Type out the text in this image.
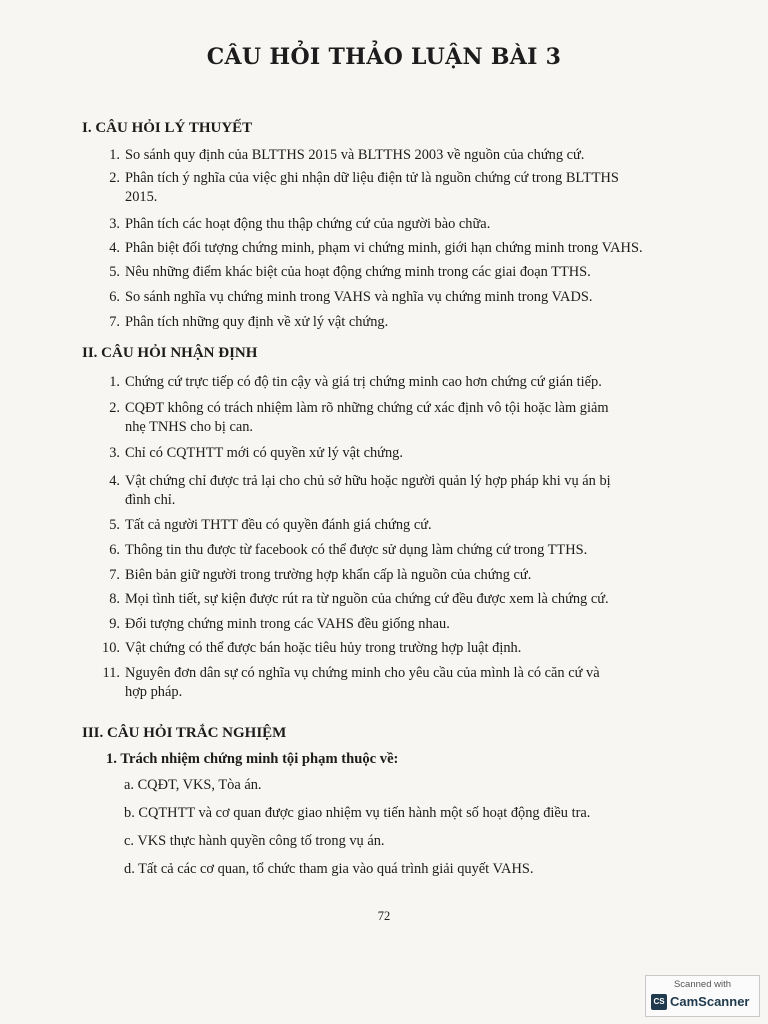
CÂU HỎI THẢO LUẬN BÀI 3
I. CÂU HỎI LÝ THUYẾT
1. So sánh quy định của BLTTHS 2015 và BLTTHS 2003 về nguồn của chứng cứ.
2. Phân tích ý nghĩa của việc ghi nhận dữ liệu điện tử là nguồn chứng cứ trong BLTTHS
2015.
3. Phân tích các hoạt động thu thập chứng cứ của người bào chữa.
4. Phân biệt đối tượng chứng minh, phạm vi chứng minh, giới hạn chứng minh trong VAHS.
5. Nêu những điểm khác biệt của hoạt động chứng minh trong các giai đoạn TTHS.
6. So sánh nghĩa vụ chứng minh trong VAHS và nghĩa vụ chứng minh trong VADS.
7. Phân tích những quy định về xử lý vật chứng.
II. CÂU HỎI NHẬN ĐỊNH
1. Chứng cứ trực tiếp có độ tin cậy và giá trị chứng minh cao hơn chứng cứ gián tiếp.
2. CQĐT không có trách nhiệm làm rõ những chứng cứ xác định vô tội hoặc làm giảm
nhẹ TNHS cho bị can.
3. Chỉ có CQTHTT mới có quyền xử lý vật chứng.
4. Vật chứng chỉ được trả lại cho chủ sở hữu hoặc người quản lý hợp pháp khi vụ án bị
đình chỉ.
5. Tất cả người THTT đều có quyền đánh giá chứng cứ.
6. Thông tin thu được từ facebook có thể được sử dụng làm chứng cứ trong TTHS.
7. Biên bản giữ người trong trường hợp khẩn cấp là nguồn của chứng cứ.
8. Mọi tình tiết, sự kiện được rút ra từ nguồn của chứng cứ đều được xem là chứng cứ.
9. Đối tượng chứng minh trong các VAHS đều giống nhau.
10. Vật chứng có thể được bán hoặc tiêu hủy trong trường hợp luật định.
11. Nguyên đơn dân sự có nghĩa vụ chứng minh cho yêu cầu của mình là có căn cứ và
hợp pháp.
III. CÂU HỎI TRẮC NGHIỆM
1. Trách nhiệm chứng minh tội phạm thuộc về:
a. CQĐT, VKS, Tòa án.
b. CQTHTT và cơ quan được giao nhiệm vụ tiến hành một số hoạt động điều tra.
c. VKS thực hành quyền công tố trong vụ án.
d. Tất cả các cơ quan, tổ chức tham gia vào quá trình giải quyết VAHS.
72
Scanned with
CS CamScanner
